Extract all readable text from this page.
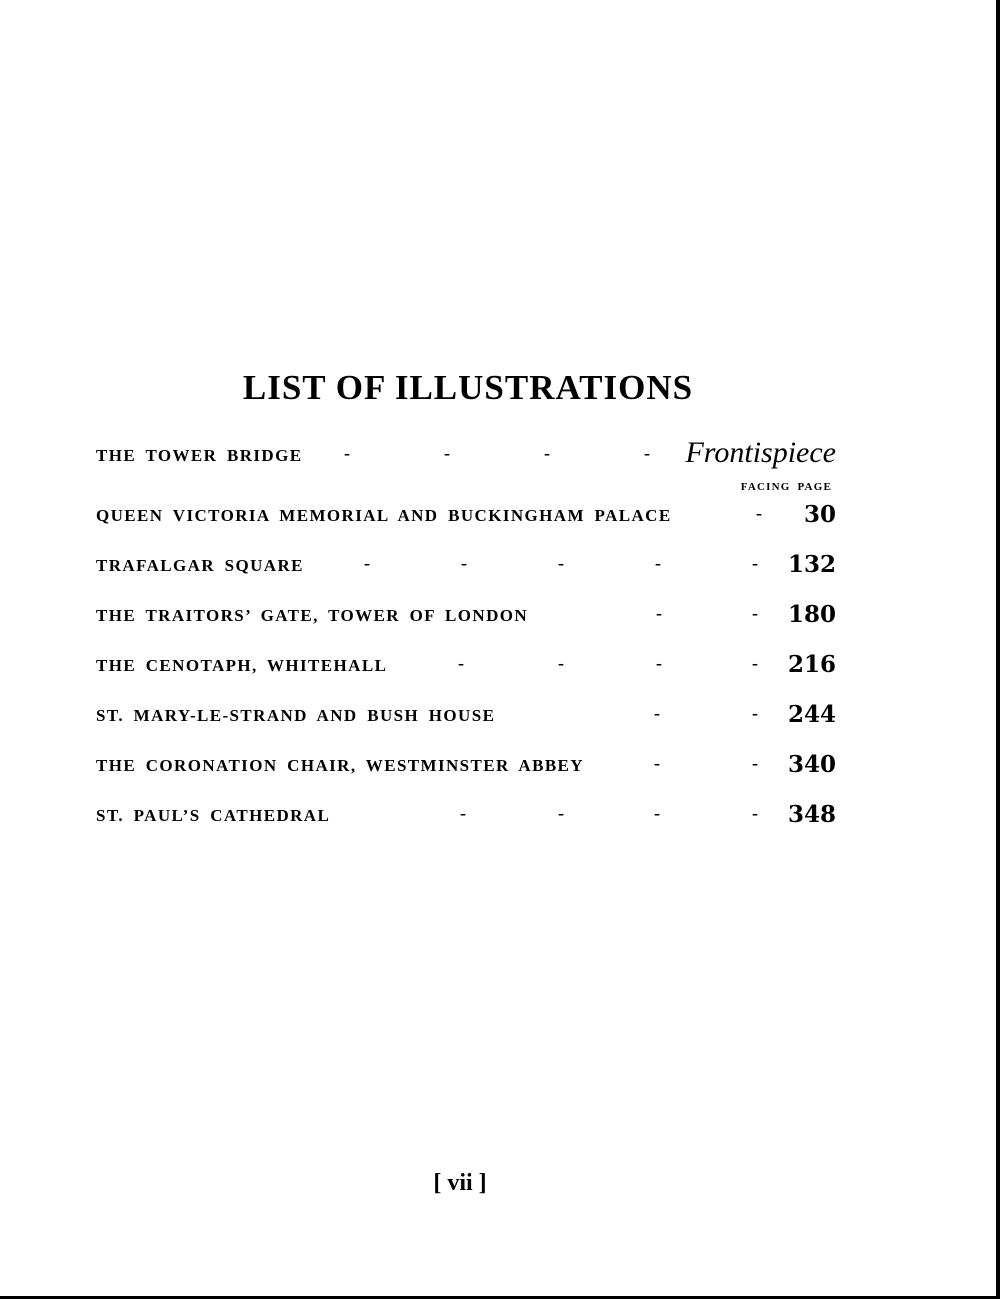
LIST OF ILLUSTRATIONS
THE TOWER BRIDGE -	-	-	- Frontispiece
FACING PAGE
QUEEN VICTORIA MEMORIAL AND BUCKINGHAM PALACE	- 30
TRAFALGAR SQUARE	-	-	-	-	- 132
THE TRAITORS’ GATE, TOWER OF LONDON	-	- 180
THE CENOTAPH, WHITEHALL	-	-	-	- 216
ST. MARY-LE-STRAND AND BUSH HOUSE	-	- 244
THE CORONATION CHAIR, WESTMINSTER ABBEY	-	- 340
ST. PAUL’S CATHEDRAL	-	-	-	- 348
[ vii ]
